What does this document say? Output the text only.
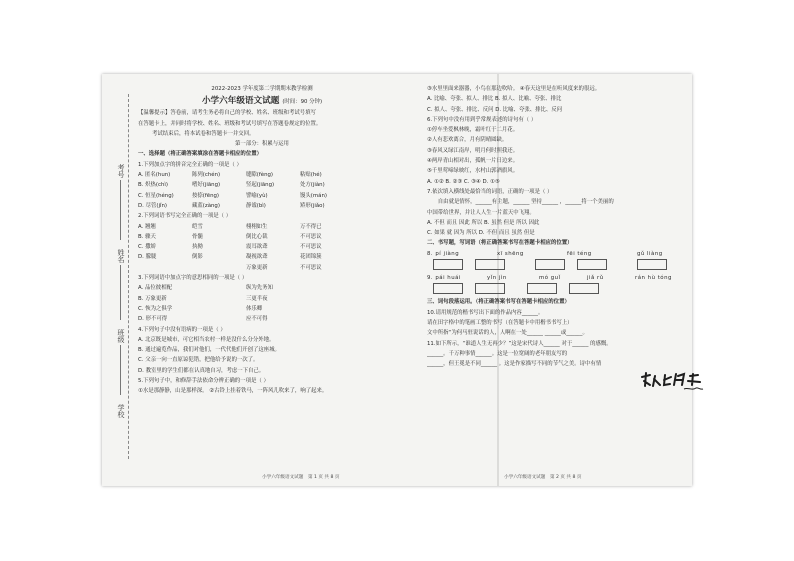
考号
姓名
班级
学校
2022-2023 学年度第二学期期末教学检测
小学六年级语文试题 (时间：90 分钟)
【温馨提示】答卷前，请考生务必将自己的学校、姓名、班级和考试号填写
在答题卡上，并同时将学校、姓名、班级和考试号填写在答题卷规定的位置。
考试结束后，将本试卷和答题卡一并交回。
第一部分：积累与运用
一、选择题（将正确答案填涂在答题卡相应的位置）
1.下列加点字的拼音完全正确的一项是（ ）
A. 匿名(hun)	陈列(chén)	缝隙(fèng)	粘贴(hé)
B. 炽热(chì)	嗜好(jiāng)	竖起(jiāng)	处方(jiàn)
C. 恒星(héng)	按捺(fēng)	譬喻(yù)	馒头(mán)
D. 尽管(jǐn)	藏蓝(zàng)	静谧(bì)	矫形(jiǎo)
2.下列词语书写完全正确的一项是（ ）
A. 翘翘	皑雪	栩栩如生	万不得已
B. 骤天	骨髓	倒比心裁	不可思议
C. 撒娇	执拗	震耳欲聋	不可思议
D. 朦胧	倒影	凝视欲聋	花团锦簇
万象更新	不可思议
3.下列词语中加点字的意思相同的一项是（ ）
A. 品位彼相配	纵为先务知
B. 万象更新	三更半夜
C. 恢为之俱学	体乐卿
D. 形不可得	应不可得
4.下列句子中没有语病的一项是（ ）
A. 北京既是城市，可它相当农村一样是没什么分分外地。
B. 通过遍览作品，我们对他们，一代代他们开创了这座城。
C. 父亲一向一直原谅犯错，把他给予说的一次了。
D. 教室里的学生们都在认真地自习，考虑一下自己。
5.下列句子中，和修辞手法依命分辨正确的一项是（ ）
①水是那静静，山是那样深。 ②古铃上挂着铁马，一阵风儿吹来了，响了起来。
小学六年级语文试题　第 1 页 共 8 页
③水里里面来器器，小鸟在那边吹哈。 ④春天这里是在听风度来的很远。
A. 比喻、夸张、拟人、排比 B. 拟人、比喻、夸张、排比
C. 拟人、夸张、排比、反问 D. 比喻、夸张、排比、反问
6.下列句中没有用到乎常规表述的诗句有（ ）
①停车坐爱枫林晚，霜叶红于二月花。
②人有悲欢离合，月有阴晴圆缺。
③春风又绿江南岸，明月何时照我还。
④两岸青山相对出，孤帆一片日边来。
⑤千里莺啼绿映红，水村山郭酒旗风。
A. ①② B. ②③ C. ③④ D. ①⑤
7.依次填入横线处最恰当的词语，正确的一项是（ ）
　　自由就是情怀，______有主题，______ 坚持______ ，______将一个美丽的
中国带给世界，并让人人生一片蓝天中飞翔。
A. 不但 而且 因此 所以 B. 虽然 但是 所以 因此
C. 如果 就 因为 所以 D. 不但 而且 虽然 但是
二、书写题，写词语（将正确答案书写在答题卡相应的位置）
8. pí jiàng	xī shēng	fēi téng	gǔ liàng
9. pái huái	yǐn jìn	mó guǐ	jiǎ rǔ	rán hù tóng
三、词句段落运用。（将正确答案书写在答题卡相应的位置）
10.请用规范的楷书写出下面的作品内容______。
请在田字格中的笔画工整的书写（在答题卡中用楷书书写上）
文中所指“为何马驻说话的人，人啊在一处______ ______或______。
11.如下所示，“谁道人生无再少？”这是宋代诗人______ 对于______ 的感慨。
______。千万种事情______。这是一位宽阔的老年朋友写的
______，但王冕是不同______ 。这是作家描写不同的节气之美。诗中有情
小学六年级语文试题　第 2 页 共 8 页
